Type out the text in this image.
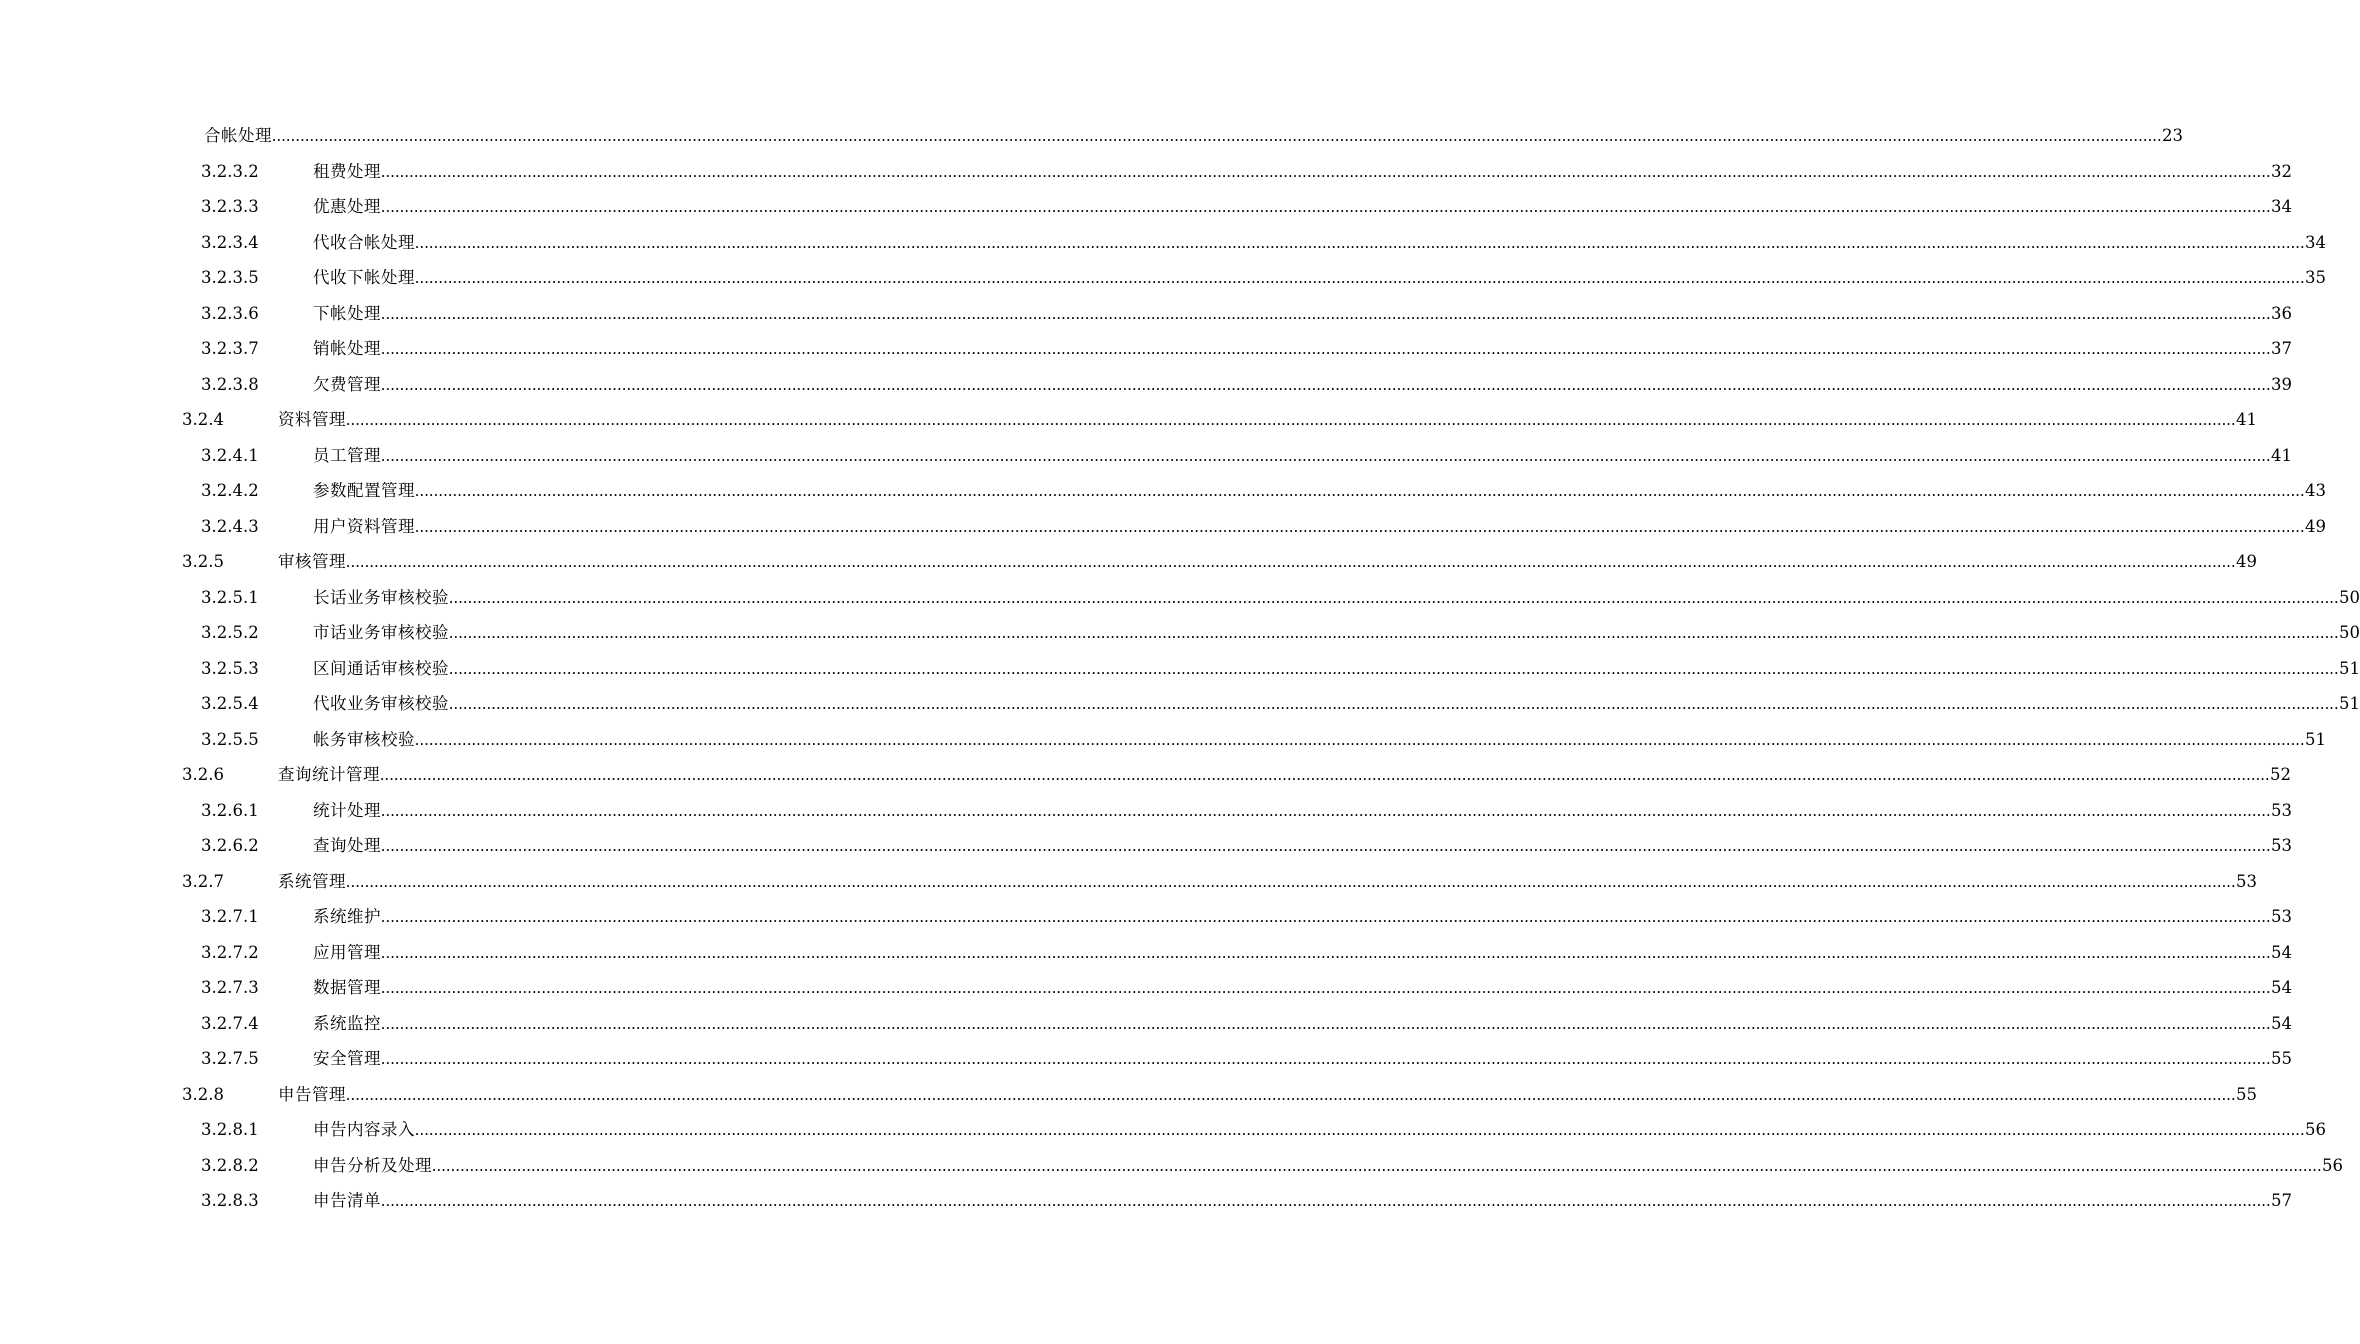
合帐处理 ................................................................................................................................................................................................................................................................................................................................................................................................................ 23
3.2.3.2	租费处理 ................................................................................................................................................................................................................................................................................................................................................................................................................ 32
3.2.3.3	优惠处理 ................................................................................................................................................................................................................................................................................................................................................................................................................ 34
3.2.3.4	代收合帐处理 ................................................................................................................................................................................................................................................................................................................................................................................................................ 34
3.2.3.5	代收下帐处理 ................................................................................................................................................................................................................................................................................................................................................................................................................ 35
3.2.3.6	下帐处理 ................................................................................................................................................................................................................................................................................................................................................................................................................ 36
3.2.3.7	销帐处理 ................................................................................................................................................................................................................................................................................................................................................................................................................ 37
3.2.3.8	欠费管理 ................................................................................................................................................................................................................................................................................................................................................................................................................ 39
3.2.4	资料管理 ................................................................................................................................................................................................................................................................................................................................................................................................................ 41
3.2.4.1	员工管理 ................................................................................................................................................................................................................................................................................................................................................................................................................ 41
3.2.4.2	参数配置管理 ................................................................................................................................................................................................................................................................................................................................................................................................................ 43
3.2.4.3	用户资料管理 ................................................................................................................................................................................................................................................................................................................................................................................................................ 49
3.2.5	审核管理 ................................................................................................................................................................................................................................................................................................................................................................................................................ 49
3.2.5.1	长话业务审核校验 ................................................................................................................................................................................................................................................................................................................................................................................................................ 50
3.2.5.2	市话业务审核校验 ................................................................................................................................................................................................................................................................................................................................................................................................................ 50
3.2.5.3	区间通话审核校验 ................................................................................................................................................................................................................................................................................................................................................................................................................ 51
3.2.5.4	代收业务审核校验 ................................................................................................................................................................................................................................................................................................................................................................................................................ 51
3.2.5.5	帐务审核校验 ................................................................................................................................................................................................................................................................................................................................................................................................................ 51
3.2.6	查询统计管理 ................................................................................................................................................................................................................................................................................................................................................................................................................ 52
3.2.6.1	统计处理 ................................................................................................................................................................................................................................................................................................................................................................................................................ 53
3.2.6.2	查询处理 ................................................................................................................................................................................................................................................................................................................................................................................................................ 53
3.2.7	系统管理 ................................................................................................................................................................................................................................................................................................................................................................................................................ 53
3.2.7.1	系统维护 ................................................................................................................................................................................................................................................................................................................................................................................................................ 53
3.2.7.2	应用管理 ................................................................................................................................................................................................................................................................................................................................................................................................................ 54
3.2.7.3	数据管理 ................................................................................................................................................................................................................................................................................................................................................................................................................ 54
3.2.7.4	系统监控 ................................................................................................................................................................................................................................................................................................................................................................................................................ 54
3.2.7.5	安全管理 ................................................................................................................................................................................................................................................................................................................................................................................................................ 55
3.2.8	申告管理 ................................................................................................................................................................................................................................................................................................................................................................................................................ 55
3.2.8.1	申告内容录入 ................................................................................................................................................................................................................................................................................................................................................................................................................ 56
3.2.8.2	申告分析及处理 ................................................................................................................................................................................................................................................................................................................................................................................................................ 56
3.2.8.3	申告清单 ................................................................................................................................................................................................................................................................................................................................................................................................................ 57
